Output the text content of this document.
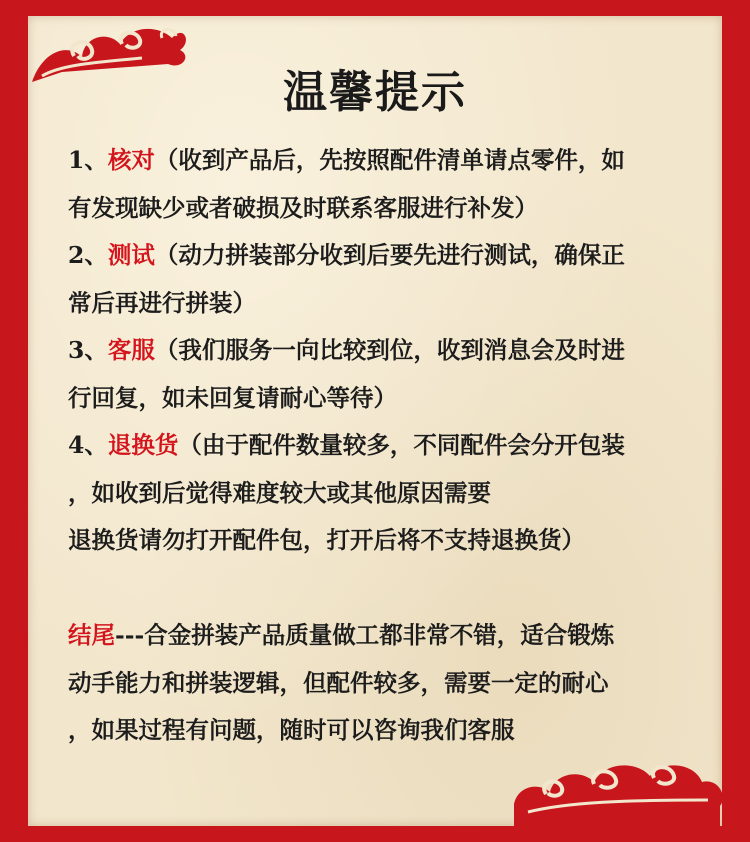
温馨提示
1、核对（收到产品后，先按照配件清单请点零件，如
有发现缺少或者破损及时联系客服进行补发）
2、测试（动力拼装部分收到后要先进行测试，确保正
常后再进行拼装）
3、客服（我们服务一向比较到位，收到消息会及时进
行回复，如未回复请耐心等待）
4、退换货（由于配件数量较多，不同配件会分开包装
，如收到后觉得难度较大或其他原因需要
退换货请勿打开配件包，打开后将不支持退换货）
结尾---合金拼装产品质量做工都非常不错，适合锻炼
动手能力和拼装逻辑，但配件较多，需要一定的耐心
，如果过程有问题，随时可以咨询我们客服
